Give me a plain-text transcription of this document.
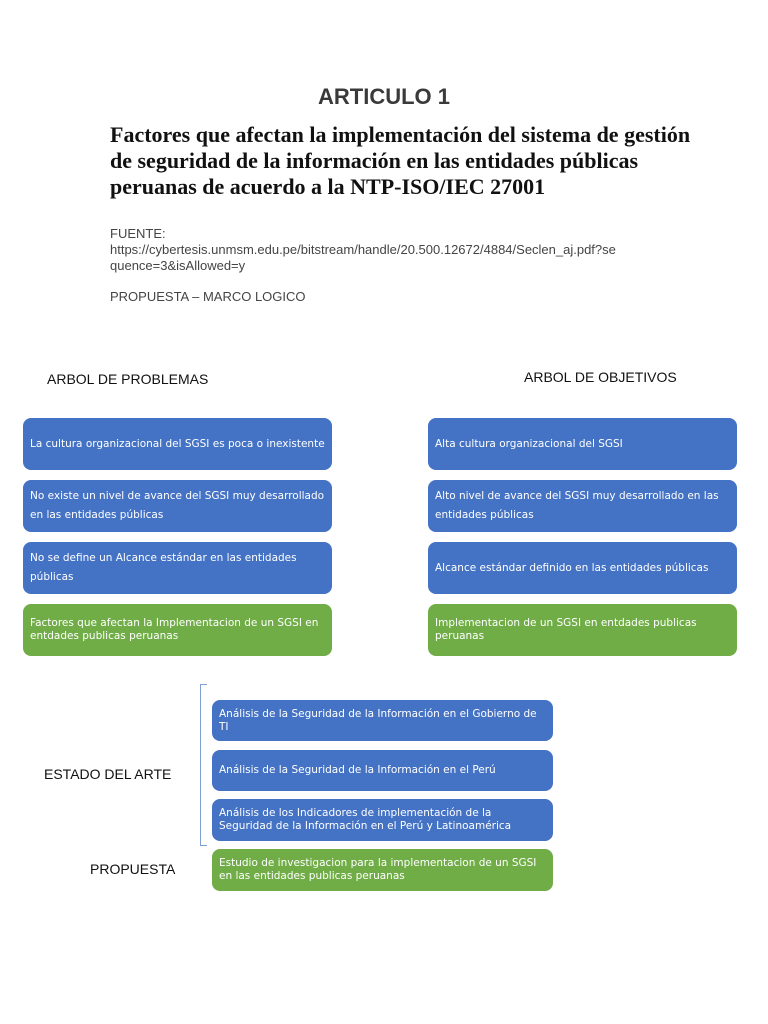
ARTICULO 1
Factores que afectan la implementación del sistema de gestión de seguridad de la información en las entidades públicas peruanas de acuerdo a la NTP-ISO/IEC 27001
FUENTE:
https://cybertesis.unmsm.edu.pe/bitstream/handle/20.500.12672/4884/Seclen_aj.pdf?se
quence=3&isAllowed=y
PROPUESTA – MARCO LOGICO
ARBOL DE PROBLEMAS	ARBOL DE OBJETIVOS
La cultura organizacional del SGSI es poca o inexistente
No existe un nivel de avance del SGSI muy desarrollado en las entidades públicas
No se define un Alcance estándar en las entidades públicas
Factores que afectan la Implementacion de un SGSI en entdades publicas peruanas
Alta cultura organizacional del SGSI
Alto nivel de avance del SGSI muy desarrollado en las entidades públicas
Alcance estándar definido en las entidades públicas
Implementacion de un SGSI en entdades publicas peruanas
ESTADO DEL ARTE
PROPUESTA
Análisis de la Seguridad de la Información en el Gobierno de TI
Análisis de la Seguridad de la Información en el Perú
Análisis de los Indicadores de implementación de la Seguridad de la Información en el Perú y Latinoamérica
Estudio de investigacion para la implementacion de un SGSI en las entidades publicas peruanas
